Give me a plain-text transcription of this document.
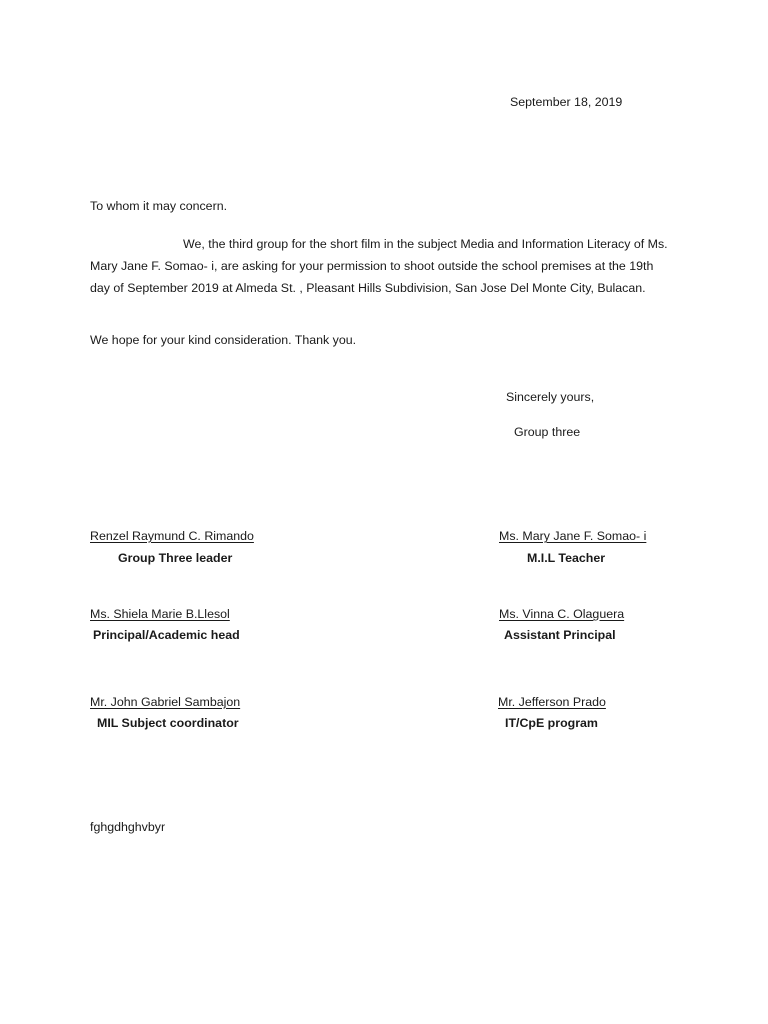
September 18, 2019
To whom it may concern.
We, the third group for the short film in the subject Media and Information Literacy of Ms. Mary Jane F. Somao- i, are asking for your permission to shoot outside the school premises at the 19th day of September 2019 at Almeda St. , Pleasant Hills Subdivision, San Jose Del Monte City, Bulacan.
We hope for your kind consideration. Thank you.
Sincerely yours,
Group three
Renzel Raymund C. Rimando
Group Three leader
Ms. Mary Jane F. Somao- i
M.I.L Teacher
Ms. Shiela Marie B.Llesol
Principal/Academic head
Ms. Vinna C. Olaguera
Assistant Principal
Mr. John Gabriel Sambajon
MIL Subject coordinator
Mr. Jefferson Prado
IT/CpE program
fghgdhghvbyr
